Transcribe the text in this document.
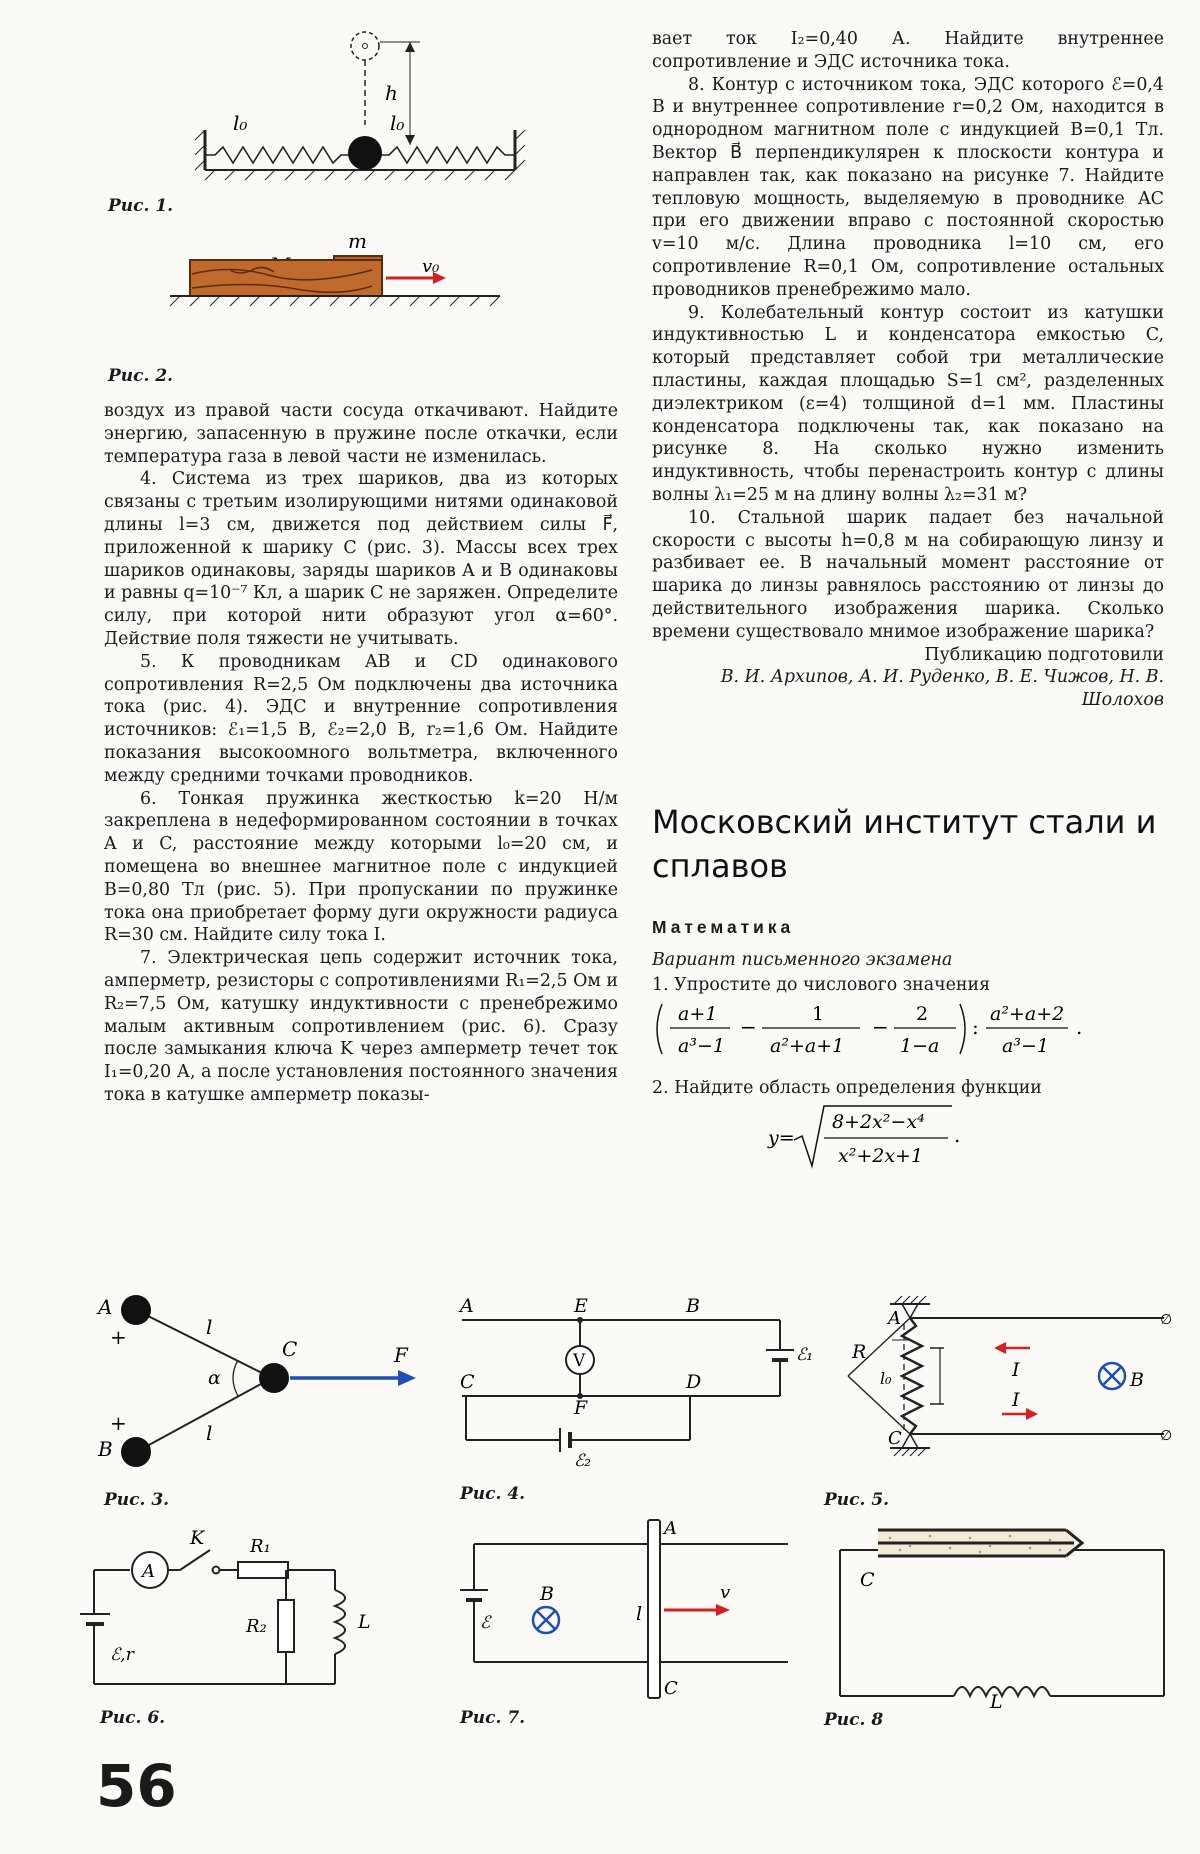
h
l₀	l₀
Рис. 1.
m
v₀
Рис. 2.

воздух из правой части сосуда откачивают. Найдите энергию, запасенную в пружине после откачки, если температура газа в левой части не изменилась.

4. Система из трех шариков, два из которых связаны с третьим изолирующими нитями одинаковой длины l=3 см, движется под действием силы F⃗, приложенной к шарику C (рис. 3). Массы всех трех шариков одинаковы, заряды шариков A и B одинаковы и равны q=10⁻⁷ Кл, а шарик C не заряжен. Определите силу, при которой нити образуют угол α=60°. Действие поля тяжести не учитывать.

5. К проводникам AB и CD одинакового сопротивления R=2,5 Ом подключены два источника тока (рис. 4). ЭДС и внутренние сопротивления источников: ℰ₁=1,5 В, ℰ₂=2,0 В, r₂=1,6 Ом. Найдите показания высокоомного вольтметра, включенного между средними точками проводников.

6. Тонкая пружинка жесткостью k=20 Н/м закреплена в недеформированном состоянии в точках A и C, расстояние между которыми l₀=20 см, и помещена во внешнее магнитное поле с индукцией B=0,80 Тл (рис. 5). При пропускании по пружинке тока она приобретает форму дуги окружности радиуса R=30 см. Найдите силу тока I.

7. Электрическая цепь содержит источник тока, амперметр, резисторы с сопротивлениями R₁=2,5 Ом и R₂=7,5 Ом, катушку индуктивности с пренебрежимо малым активным сопротивлением (рис. 6). Сразу после замыкания ключа K через амперметр течет ток I₁=0,20 А, а после установления постоянного значения тока в катушке амперметр показы-

вает ток I₂=0,40 А. Найдите внутреннее сопротивление и ЭДС источника тока.

8. Контур с источником тока, ЭДС которого ℰ=0,4 В и внутреннее сопротивление r=0,2 Ом, находится в однородном магнитном поле с индукцией B=0,1 Тл. Вектор B⃗ перпендикулярен к плоскости контура и направлен так, как показано на рисунке 7. Найдите тепловую мощность, выделяемую в проводнике AC при его движении вправо с постоянной скоростью v=10 м/с. Длина проводника l=10 см, его сопротивление R=0,1 Ом, сопротивление остальных проводников пренебрежимо мало.

9. Колебательный контур состоит из катушки индуктивностью L и конденсатора емкостью C, который представляет собой три металлические пластины, каждая площадью S=1 см², разделенных диэлектриком (ε=4) толщиной d=1 мм. Пластины конденсатора подключены так, как показано на рисунке 8. На сколько нужно изменить индуктивность, чтобы перенастроить контур с длины волны λ₁=25 м на длину волны λ₂=31 м?

10. Стальной шарик падает без начальной скорости с высоты h=0,8 м на собирающую линзу и разбивает ее. В начальный момент расстояние от шарика до линзы равнялось расстоянию от линзы до действительного изображения шарика. Сколько времени существовало мнимое изображение шарика?

Публикацию подготовили

В. И. Архипов, А. И. Руденко, В. Е. Чижов, Н. В. Шолохов

Московский институт стали и сплавов
Математика
Вариант письменного экзамена
1. Упростите до числового значения
a+1
a³−1
−
1
a²+a+1
−
2
1−a
:
a²+a+2
a³−1
.
2. Найдите область определения функции
y=
8+2x²−x⁴
x²+2x+1
.
A
+
B
+
C
l
l
α
F
Рис. 3.
A	E	B
C	D
F
V	ℰ₁
ℰ₂
Рис. 4.
A
C
R
l₀	I
I
B
∅
∅
Рис. 5.
A
K	R₁
R₂	L
ℰ,r
Рис. 6.
A
C
l
v
B
ℰ
Рис. 7.
C
L
Рис. 8
56
